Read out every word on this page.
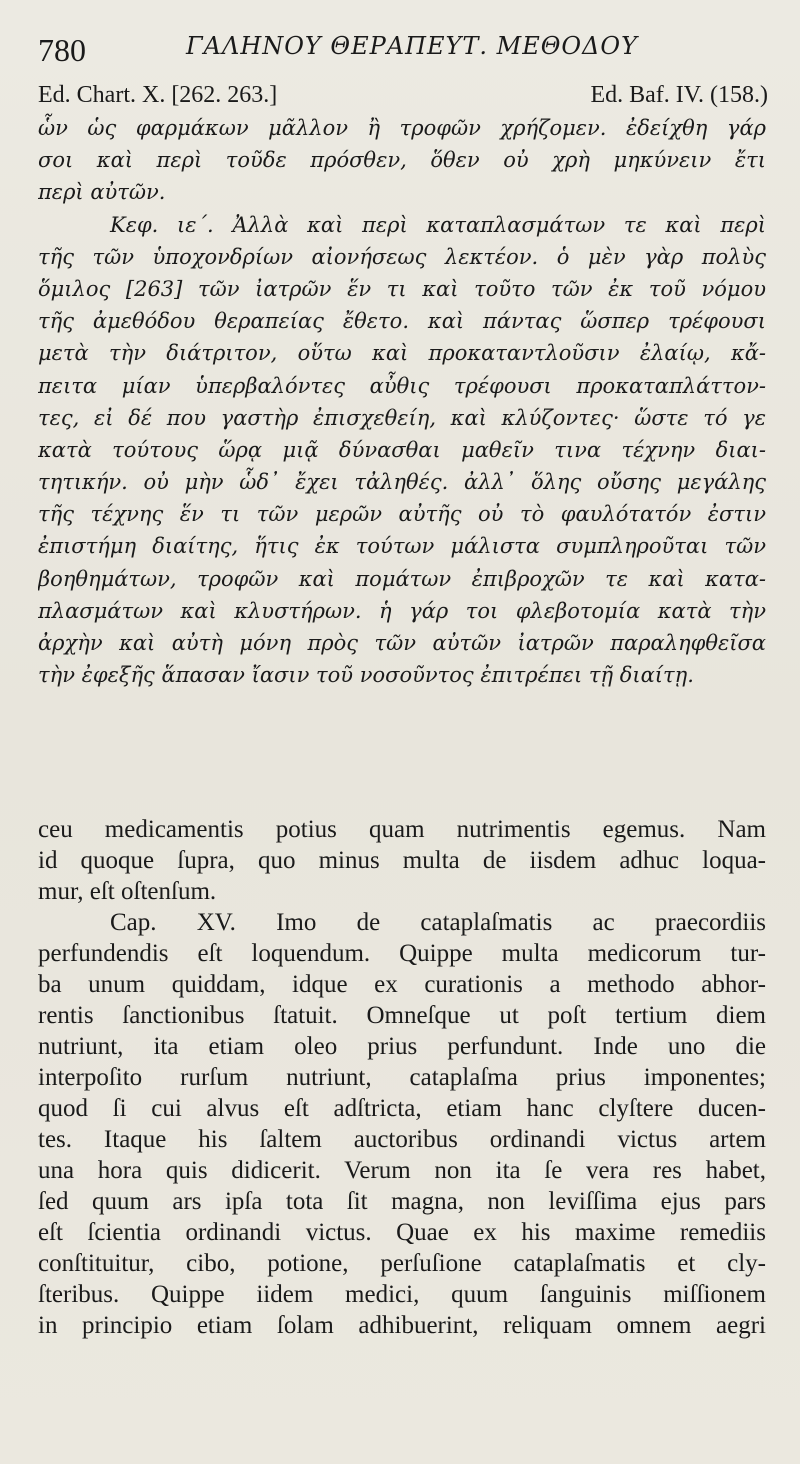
780	ΓΑΛΗΝΟΥ ΘΕΡΑΠΕΥΤ. ΜΕΘΟΔΟΥ
Ed. Chart. X. [262. 263.]	Ed. Baf. IV. (158.)
ὧν ὡς φαρμάκων μᾶλλον ἢ τροφῶν χρήζομεν. ἐδείχθη γάρ
σοι καὶ περὶ τοῦδε πρόσθεν, ὅθεν οὐ χρὴ μηκύνειν ἔτι
περὶ αὐτῶν.
Κεφ. ιε΄. Ἀλλὰ καὶ περὶ καταπλασμάτων τε καὶ περὶ
τῆς τῶν ὑποχονδρίων αἰονήσεως λεκτέον. ὁ μὲν γὰρ πολὺς
ὅμιλος [263] τῶν ἰατρῶν ἕν τι καὶ τοῦτο τῶν ἐκ τοῦ νόμου
τῆς ἀμεθόδου θεραπείας ἔθετο. καὶ πάντας ὥσπερ τρέφουσι
μετὰ τὴν διάτριτον, οὕτω καὶ προκαταντλοῦσιν ἐλαίῳ, κἄ-
πειτα μίαν ὑπερβαλόντες αὖθις τρέφουσι προκαταπλάττον-
τες, εἰ δέ που γαστὴρ ἐπισχεθείη, καὶ κλύζοντες· ὥστε τό γε
κατὰ τούτους ὥρᾳ μιᾷ δύνασθαι μαθεῖν τινα τέχνην διαι-
τητικήν. οὐ μὴν ὧδ᾽ ἔχει τἀληθές. ἀλλ᾽ ὅλης οὔσης μεγάλης
τῆς τέχνης ἕν τι τῶν μερῶν αὐτῆς οὐ τὸ φαυλότατόν ἐστιν
ἐπιστήμη διαίτης, ἥτις ἐκ τούτων μάλιστα συμπληροῦται τῶν
βοηθημάτων, τροφῶν καὶ πομάτων ἐπιβροχῶν τε καὶ κατα-
πλασμάτων καὶ κλυστήρων. ἡ γάρ τοι φλεβοτομία κατὰ τὴν
ἀρχὴν καὶ αὐτὴ μόνη πρὸς τῶν αὐτῶν ἰατρῶν παραληφθεῖσα
τὴν ἐφεξῆς ἅπασαν ἴασιν τοῦ νοσοῦντος ἐπιτρέπει τῇ διαίτῃ.
ceu medicamentis potius quam nutrimentis egemus. Nam
id quoque ſupra, quo minus multa de iisdem adhuc loqua-
mur, eſt oſtenſum.
Cap. XV. Imo de cataplaſmatis ac praecordiis
perfundendis eſt loquendum. Quippe multa medicorum tur-
ba unum quiddam, idque ex curationis a methodo abhor-
rentis ſanctionibus ſtatuit. Omneſque ut poſt tertium diem
nutriunt, ita etiam oleo prius perfundunt. Inde uno die
interpoſito rurſum nutriunt, cataplaſma prius imponentes;
quod ſi cui alvus eſt adſtricta, etiam hanc clyſtere ducen-
tes. Itaque his ſaltem auctoribus ordinandi victus artem
una hora quis didicerit. Verum non ita ſe vera res habet,
ſed quum ars ipſa tota ſit magna, non leviſſima ejus pars
eſt ſcientia ordinandi victus. Quae ex his maxime remediis
conſtituitur, cibo, potione, perſuſione cataplaſmatis et cly-
ſteribus. Quippe iidem medici, quum ſanguinis miſſionem
in principio etiam ſolam adhibuerint, reliquam omnem aegri
